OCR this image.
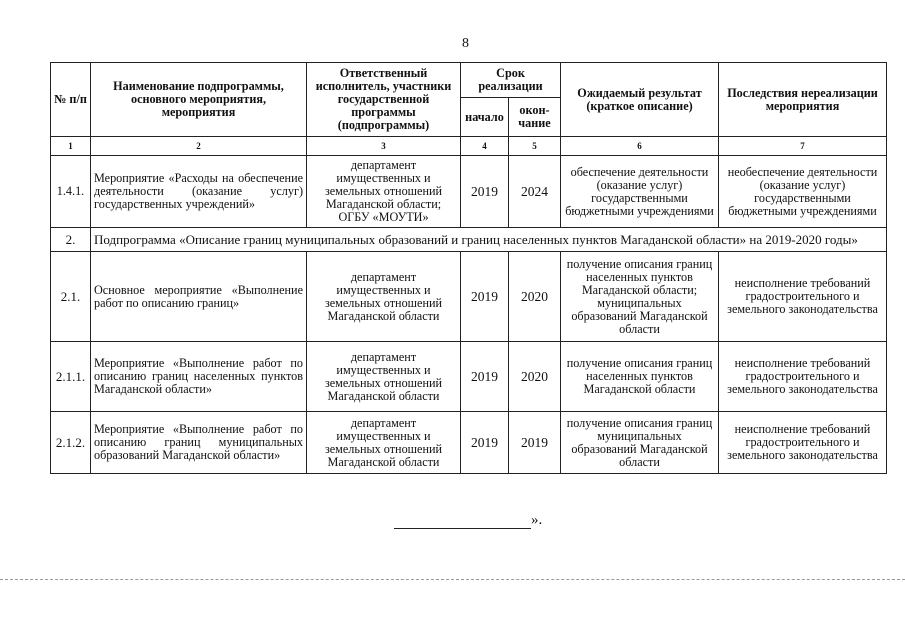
8
№ п/п	Наименование подпрограммы, основного мероприятия, мероприятия	Ответственный исполнитель, участники государственной программы (подпрограммы)	Срок реализации		Ожидаемый результат (краткое описание)	Последствия нереализации мероприятия
			начало	окон-чание		
1	2	3	4	5	6	7
1.4.1.	Мероприятие «Расходы на обеспечение деятельности (оказание услуг) государственных учреждений»	департамент имущественных и земельных отношений Магаданской области; ОГБУ «МОУТИ»	2019	2024	обеспечение деятельности (оказание услуг) государственными бюджетными учреждениями	необеспечение деятельности (оказание услуг) государственными бюджетными учреждениями
2.	Подпрограмма «Описание границ муниципальных образований и границ населенных пунктов Магаданской области» на 2019-2020 годы»					
2.1.	Основное мероприятие «Выполнение работ по описанию границ»	департамент имущественных и земельных отношений Магаданской области	2019	2020	получение описания границ населенных пунктов Магаданской области; муниципальных образований Магаданской области	неисполнение требований градостроительного и земельного законодательства
2.1.1.	Мероприятие «Выполнение работ по описанию границ населенных пунктов Магаданской области»	департамент имущественных и земельных отношений Магаданской области	2019	2020	получение описания границ населенных пунктов Магаданской области	неисполнение требований градостроительного и земельного законодательства
2.1.2.	Мероприятие «Выполнение работ по описанию границ муниципальных образований Магаданской области»	департамент имущественных и земельных отношений Магаданской области	2019	2019	получение описания границ муниципальных образований Магаданской области	неисполнение требований градостроительного и земельного законодательства
».
